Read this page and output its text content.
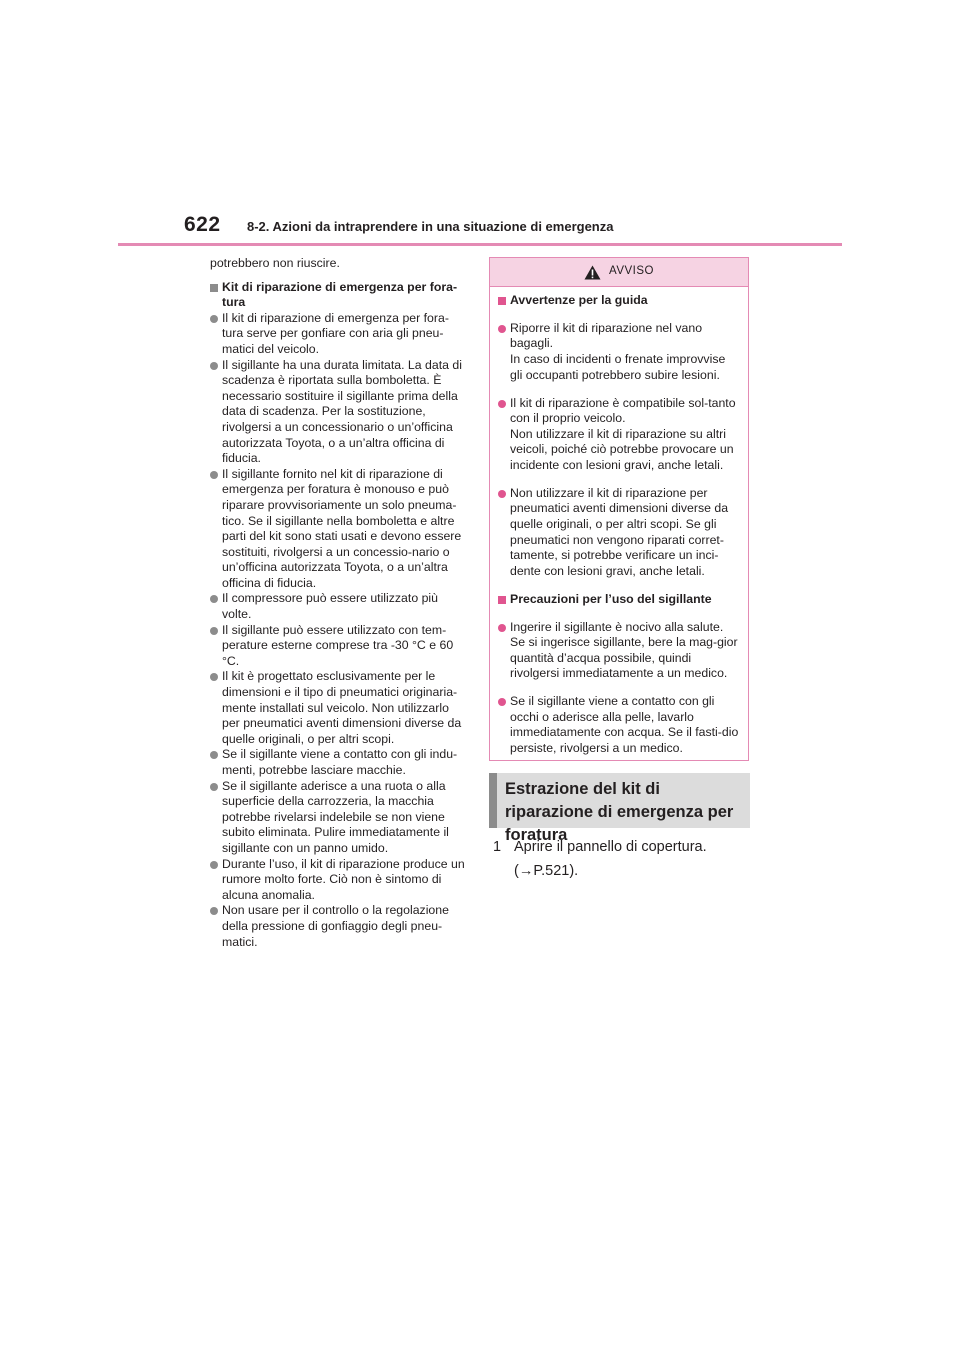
622 8-2. Azioni da intraprendere in una situazione di emergenza

potrebbero non riuscire.

Kit di riparazione di emergenza per fora-tura

Il kit di riparazione di emergenza per fora-tura serve per gonfiare con aria gli pneu-matici del veicolo.

Il sigillante ha una durata limitata. La data di scadenza è riportata sulla bomboletta. È necessario sostituire il sigillante prima della data di scadenza. Per la sostituzione, rivolgersi a un concessionario o un’officina autorizzata Toyota, o a un’altra officina di fiducia.

Il sigillante fornito nel kit di riparazione di emergenza per foratura è monouso e può riparare provvisoriamente un solo pneuma-tico. Se il sigillante nella bomboletta e altre parti del kit sono stati usati e devono essere sostituiti, rivolgersi a un concessio-nario o un’officina autorizzata Toyota, o a un’altra officina di fiducia.

Il compressore può essere utilizzato più volte.

Il sigillante può essere utilizzato con tem-perature esterne comprese tra -30 °C e 60 °C.

Il kit è progettato esclusivamente per le dimensioni e il tipo di pneumatici originaria-mente installati sul veicolo. Non utilizzarlo per pneumatici aventi dimensioni diverse da quelle originali, o per altri scopi.

Se il sigillante viene a contatto con gli indu-menti, potrebbe lasciare macchie.

Se il sigillante aderisce a una ruota o alla superficie della carrozzeria, la macchia potrebbe rivelarsi indelebile se non viene subito eliminata. Pulire immediatamente il sigillante con un panno umido.

Durante l’uso, il kit di riparazione produce un rumore molto forte. Ciò non è sintomo di alcuna anomalia.

Non usare per il controllo o la regolazione della pressione di gonfiaggio degli pneu-matici.

AVVISO

Avvertenze per la guida

Riporre il kit di riparazione nel vano bagagli.
In caso di incidenti o frenate improvvise gli occupanti potrebbero subire lesioni.

Il kit di riparazione è compatibile sol-tanto con il proprio veicolo.
Non utilizzare il kit di riparazione su altri veicoli, poiché ciò potrebbe provocare un incidente con lesioni gravi, anche letali.

Non utilizzare il kit di riparazione per pneumatici aventi dimensioni diverse da quelle originali, o per altri scopi. Se gli pneumatici non vengono riparati corret-tamente, si potrebbe verificare un inci-dente con lesioni gravi, anche letali.

Precauzioni per l’uso del sigillante

Ingerire il sigillante è nocivo alla salute. Se si ingerisce sigillante, bere la mag-gior quantità d’acqua possibile, quindi rivolgersi immediatamente a un medico.

Se il sigillante viene a contatto con gli occhi o aderisce alla pelle, lavarlo immediatamente con acqua. Se il fasti-dio persiste, rivolgersi a un medico.

Estrazione del kit di riparazione di emergenza per foratura
1 Aprire il pannello di copertura.
(→P.521).
